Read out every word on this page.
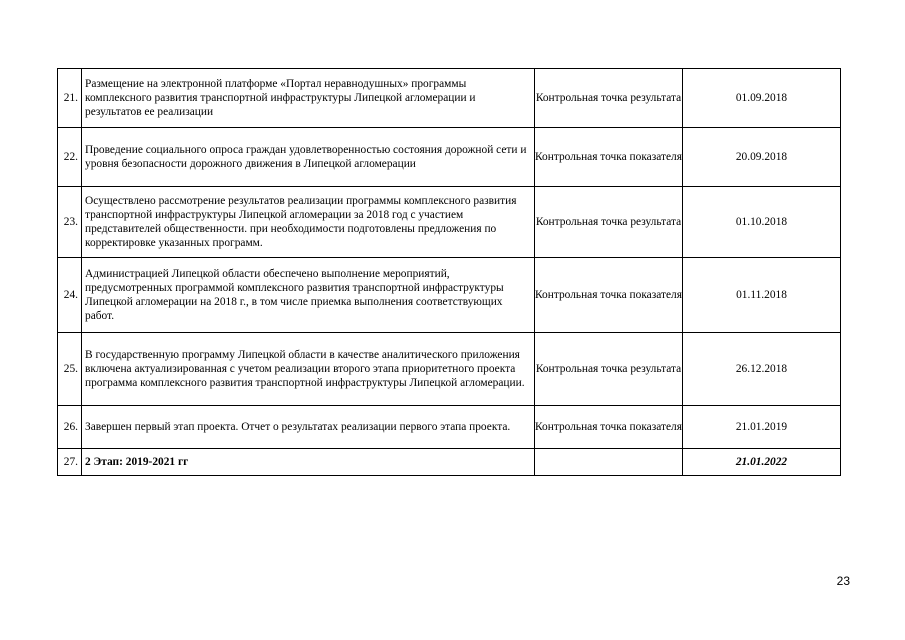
21.	Размещение на электронной платформе «Портал неравнодушных» программы комплексного развития транспортной инфраструктуры Липецкой агломерации и результатов ее реализации	Контрольная точка результата	01.09.2018
22.	Проведение социального опроса граждан удовлетворенностью состояния дорожной сети и уровня безопасности дорожного движения в Липецкой агломерации	Контрольная точка показателя	20.09.2018
23.	Осуществлено рассмотрение результатов реализации программы комплексного развития транспортной инфраструктуры Липецкой агломерации за 2018 год с участием представителей общественности. при необходимости подготовлены предложения по корректировке указанных программ.	Контрольная точка результата	01.10.2018
24.	Администрацией Липецкой области обеспечено выполнение мероприятий, предусмотренных программой комплексного развития транспортной инфраструктуры Липецкой агломерации на 2018 г., в том числе приемка выполнения соответствующих работ.	Контрольная точка показателя	01.11.2018
25.	В государственную программу Липецкой области в качестве аналитического приложения включена актуализированная с учетом реализации второго этапа приоритетного проекта программа комплексного развития транспортной инфраструктуры Липецкой агломерации.	Контрольная точка результата	26.12.2018
26.	Завершен первый этап проекта. Отчет о результатах реализации первого этапа проекта.	Контрольная точка показателя	21.01.2019
27.	2 Этап: 2019-2021 гг		21.01.2022
23
